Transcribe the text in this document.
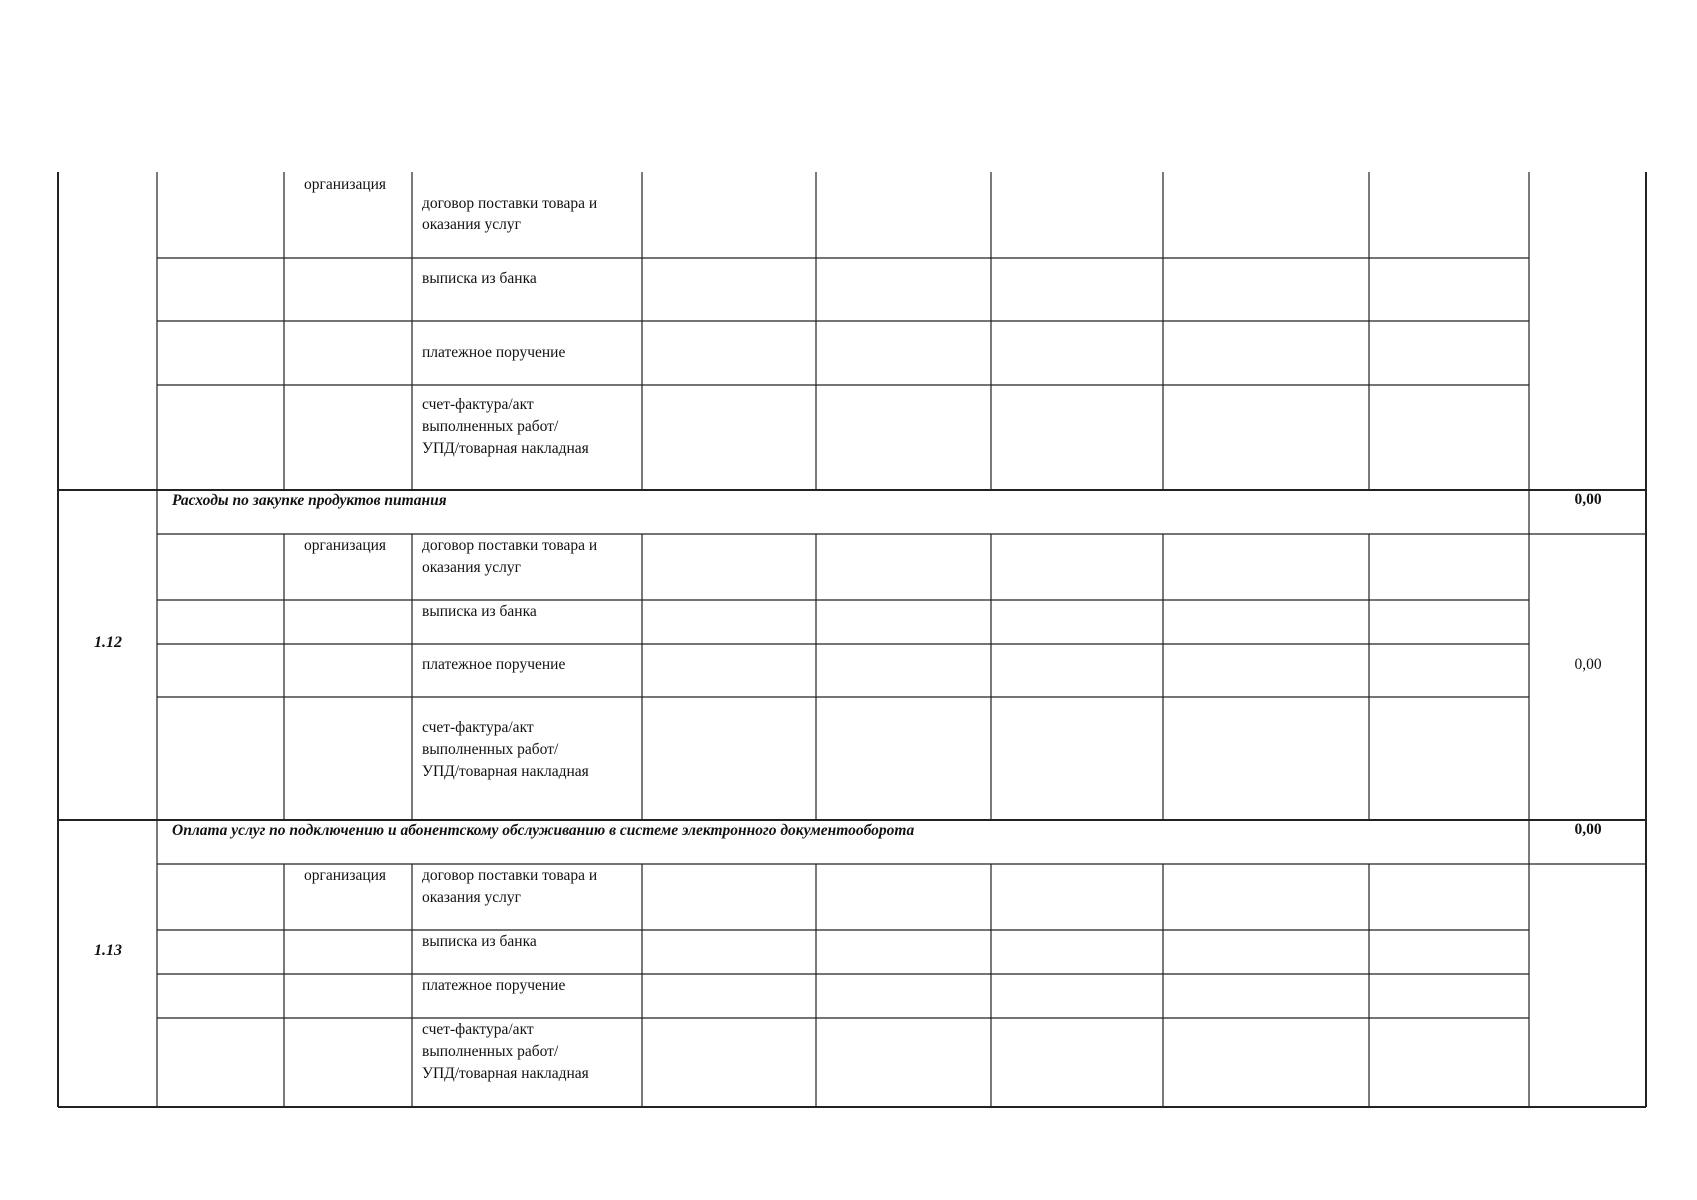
организация
договор поставки товара и
оказания услуг
выписка из банка
платежное поручение
счет-фактура/акт
выполненных работ/
УПД/товарная накладная
Расходы по закупке продуктов питания	0,00
1.12
0,00
организация договор поставки товара и
оказания услуг
выписка из банка
платежное поручение
счет-фактура/акт
выполненных работ/
УПД/товарная накладная
Оплата услуг по подключению и абонентскому обслуживанию в системе электронного документооборота	0,00
1.13
организация договор поставки товара и
оказания услуг
выписка из банка
платежное поручение
счет-фактура/акт
выполненных работ/
УПД/товарная накладная
